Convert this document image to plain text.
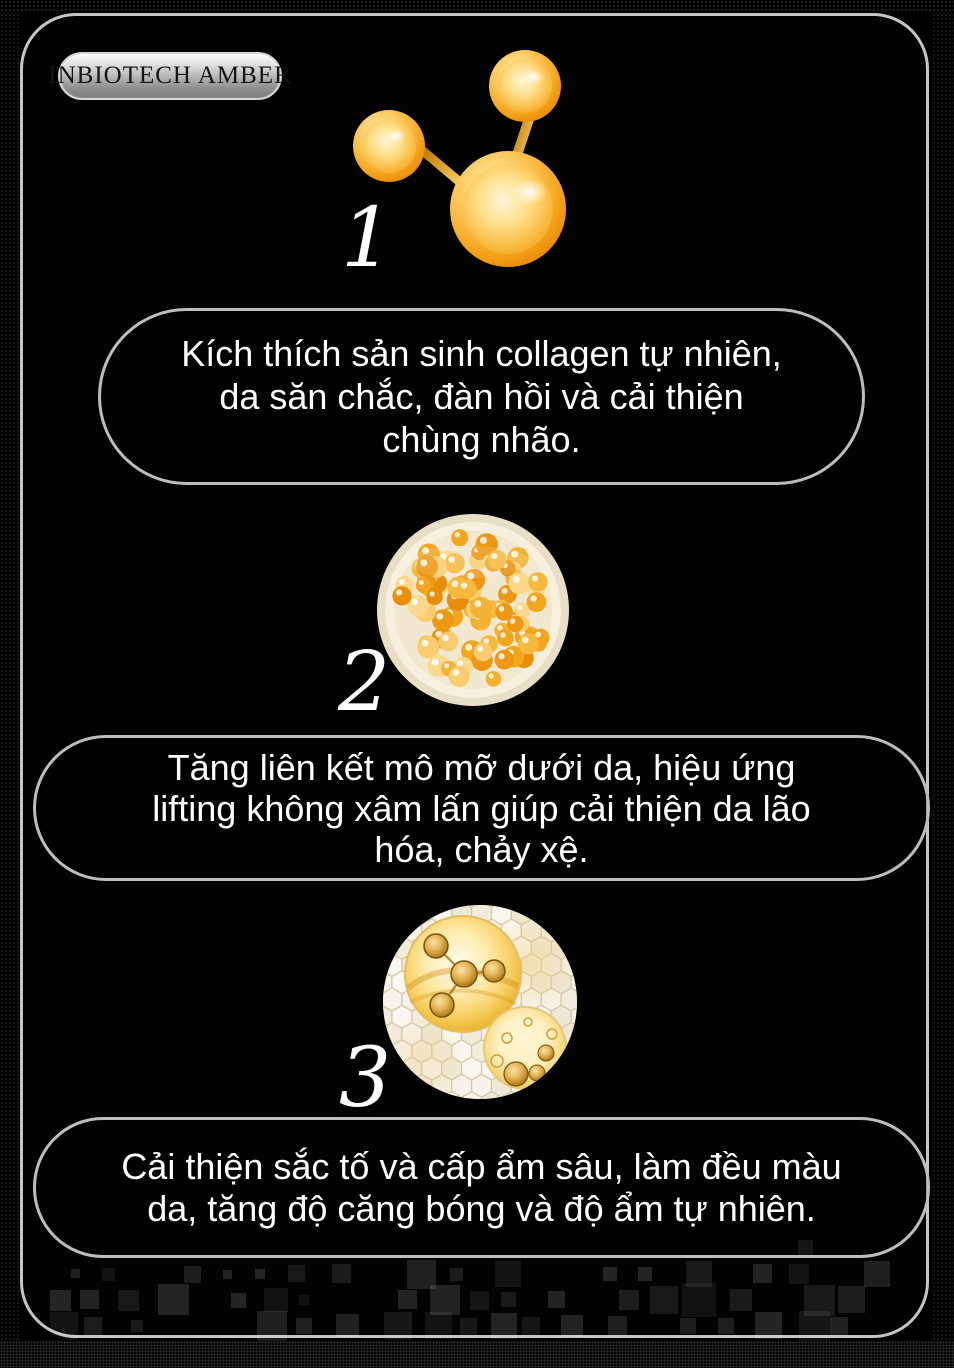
INBIOTECH AMBER
1
Kích thích sản sinh collagen tự nhiên,
da săn chắc, đàn hồi và cải thiện
chùng nhão.
2
Tăng liên kết mô mỡ dưới da, hiệu ứng
lifting không xâm lấn giúp cải thiện da lão
hóa, chảy xệ.
3
Cải thiện sắc tố và cấp ẩm sâu, làm đều màu
da, tăng độ căng bóng và độ ẩm tự nhiên.
